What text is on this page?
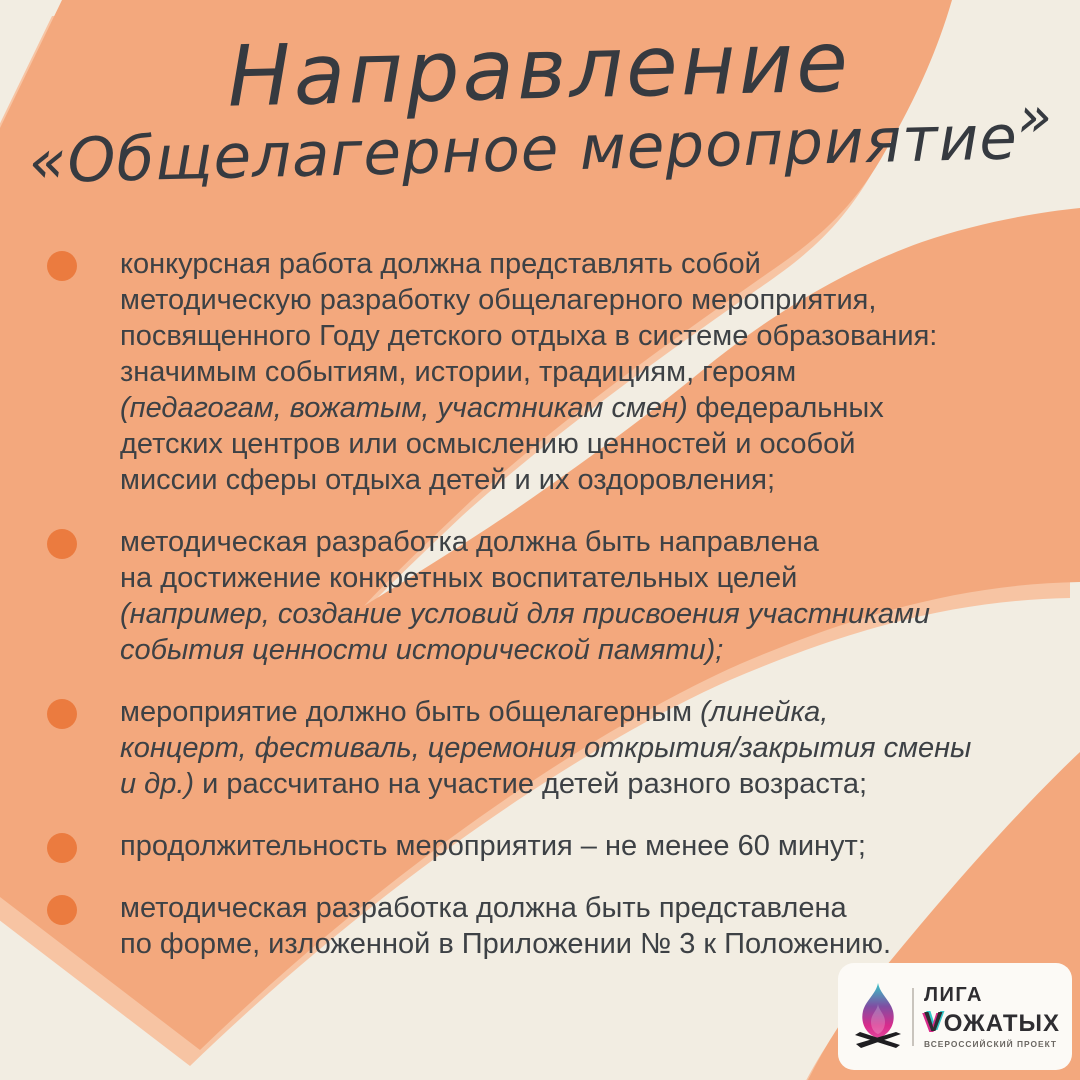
Направление
«Общелагерное мероприятие»
конкурсная работа должна представлять собой
методическую разработку общелагерного мероприятия,
посвященного Году детского отдыха в системе образования:
значимым событиям, истории, традициям, героям
(педагогам, вожатым, участникам смен) федеральных
детских центров или осмыслению ценностей и особой
миссии сферы отдыха детей и их оздоровления;
методическая разработка должна быть направлена
на достижение конкретных воспитательных целей
(например, создание условий для присвоения участниками
события ценности исторической памяти);
мероприятие должно быть общелагерным (линейка,
концерт, фестиваль, церемония открытия/закрытия смены
и др.) и рассчитано на участие детей разного возраста;
продолжительность мероприятия – не менее 60 минут;
методическая разработка должна быть представлена
по форме, изложенной в Приложении № 3 к Положению.
ЛИГА
VОЖАТЫХ
ВСЕРОССИЙСКИЙ ПРОЕКТ
